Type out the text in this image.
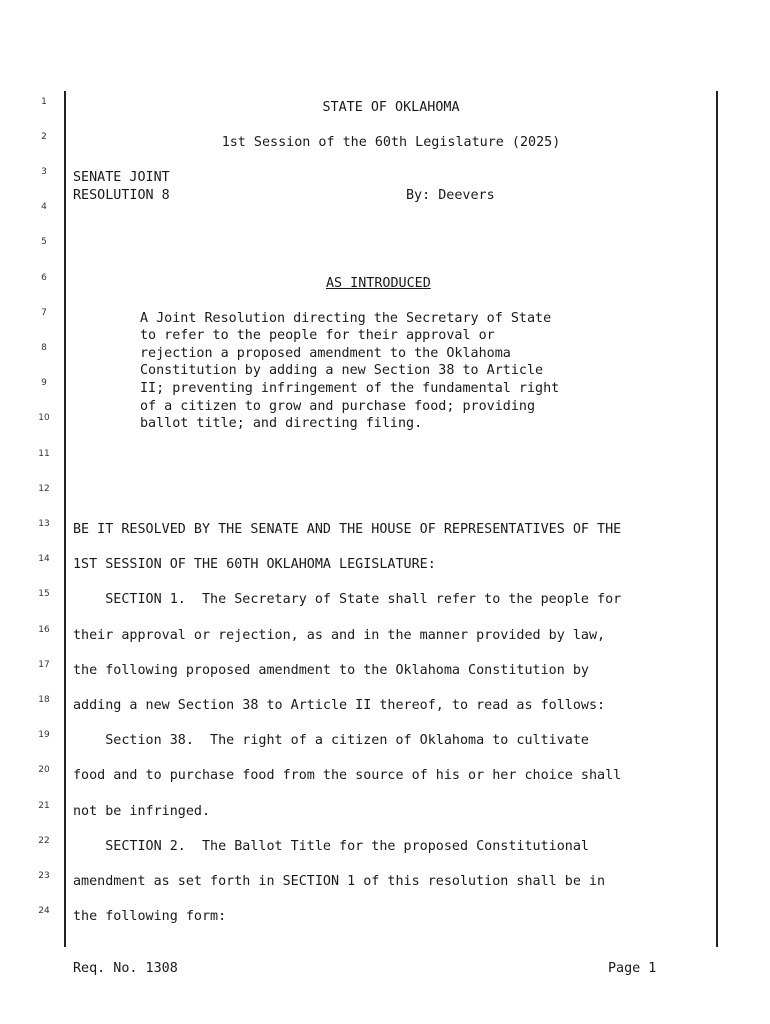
1
2
3
4
5
6
7
8
9
10
11
12
13
14
15
16
17
18
19
20
21
22
23
24
STATE OF OKLAHOMA
1st Session of the 60th Legislature (2025)
SENATE JOINT
RESOLUTION 8	By: Deevers
AS INTRODUCED
A Joint Resolution directing the Secretary of State
to refer to the people for their approval or
rejection a proposed amendment to the Oklahoma
Constitution by adding a new Section 38 to Article
II; preventing infringement of the fundamental right
of a citizen to grow and purchase food; providing
ballot title; and directing filing.
BE IT RESOLVED BY THE SENATE AND THE HOUSE OF REPRESENTATIVES OF THE
1ST SESSION OF THE 60TH OKLAHOMA LEGISLATURE:
SECTION 1.  The Secretary of State shall refer to the people for
their approval or rejection, as and in the manner provided by law,
the following proposed amendment to the Oklahoma Constitution by
adding a new Section 38 to Article II thereof, to read as follows:
Section 38.  The right of a citizen of Oklahoma to cultivate
food and to purchase food from the source of his or her choice shall
not be infringed.
SECTION 2.  The Ballot Title for the proposed Constitutional
amendment as set forth in SECTION 1 of this resolution shall be in
the following form:
Req. No. 1308	Page 1
